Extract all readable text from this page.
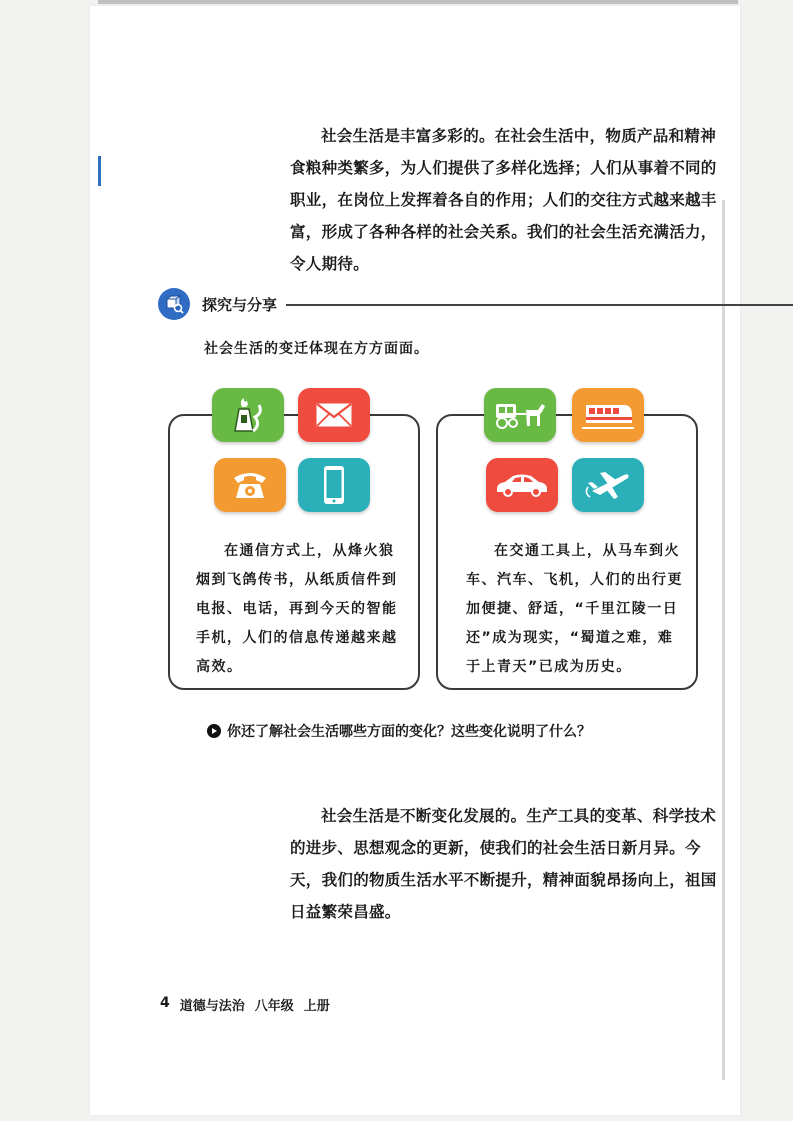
社会生活是丰富多彩的。在社会生活中，物质产品和精神食粮种类繁多，为人们提供了多样化选择；人们从事着不同的职业，在岗位上发挥着各自的作用；人们的交往方式越来越丰富，形成了各种各样的社会关系。我们的社会生活充满活力，令人期待。

探究与分享
社会生活的变迁体现在方方面面。

在通信方式上，从烽火狼烟到飞鸽传书，从纸质信件到电报、电话，再到今天的智能手机，人们的信息传递越来越高效。

在交通工具上，从马车到火车、汽车、飞机，人们的出行更加便捷、舒适，“千里江陵一日还”成为现实，“蜀道之难，难于上青天”已成为历史。

你还了解社会生活哪些方面的变化？这些变化说明了什么？

社会生活是不断变化发展的。生产工具的变革、科学技术的进步、思想观念的更新，使我们的社会生活日新月异。今天，我们的物质生活水平不断提升，精神面貌昂扬向上，祖国日益繁荣昌盛。

4 道德与法治 八年级 上册
